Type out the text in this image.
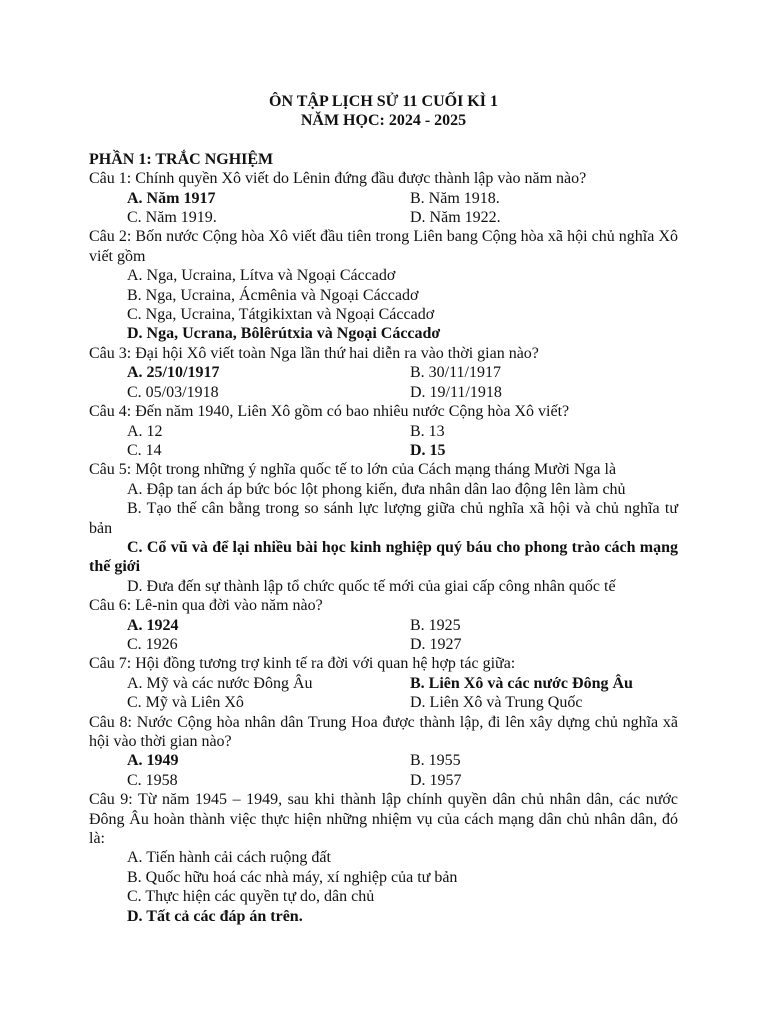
ÔN TẬP LỊCH SỬ 11 CUỐI KÌ 1
NĂM HỌC: 2024 - 2025
PHẦN 1: TRẮC NGHIỆM
Câu 1: Chính quyền Xô viết do Lênin đứng đầu được thành lập vào năm nào?
A. Năm 1917	B. Năm 1918.
C. Năm 1919.	D. Năm 1922.
Câu 2: Bốn nước Cộng hòa Xô viết đầu tiên trong Liên bang Cộng hòa xã hội chủ nghĩa Xô viết gồm
A. Nga, Ucraina, Lítva và Ngoại Cáccadơ
B. Nga, Ucraina, Ácmênia và Ngoại Cáccadơ
C. Nga, Ucraina, Tátgikixtan và Ngoại Cáccadơ
D. Nga, Ucrana, Bôlêrútxia và Ngoại Cáccadơ
Câu 3: Đại hội Xô viết toàn Nga lần thứ hai diễn ra vào thời gian nào?
A. 25/10/1917	B. 30/11/1917
C. 05/03/1918	D. 19/11/1918
Câu 4: Đến năm 1940, Liên Xô gồm có bao nhiêu nước Cộng hòa Xô viết?
A. 12	B. 13
C. 14	D. 15
Câu 5: Một trong những ý nghĩa quốc tế to lớn của Cách mạng tháng Mười Nga là
A. Đập tan ách áp bức bóc lột phong kiến, đưa nhân dân lao động lên làm chủ
B. Tạo thế cân bằng trong so sánh lực lượng giữa chủ nghĩa xã hội và chủ nghĩa tư bản
C. Cổ vũ và để lại nhiều bài học kinh nghiệp quý báu cho phong trào cách mạng thế giới
D. Đưa đến sự thành lập tổ chức quốc tế mới của giai cấp công nhân quốc tế
Câu 6: Lê-nin qua đời vào năm nào?
A. 1924	B. 1925
C. 1926	D. 1927
Câu 7: Hội đồng tương trợ kinh tế ra đời với quan hệ hợp tác giữa:
A. Mỹ và các nước Đông Âu	B. Liên Xô và các nước Đông Âu
C. Mỹ và Liên Xô	D. Liên Xô và Trung Quốc
Câu 8: Nước Cộng hòa nhân dân Trung Hoa được thành lập, đi lên xây dựng chủ nghĩa xã hội vào thời gian nào?
A. 1949	B. 1955
C. 1958	D. 1957
Câu 9: Từ năm 1945 – 1949, sau khi thành lập chính quyền dân chủ nhân dân, các nước Đông Âu hoàn thành việc thực hiện những nhiệm vụ của cách mạng dân chủ nhân dân, đó là:
A. Tiến hành cải cách ruộng đất
B. Quốc hữu hoá các nhà máy, xí nghiệp của tư bản
C. Thực hiện các quyền tự do, dân chủ
D. Tất cả các đáp án trên.
